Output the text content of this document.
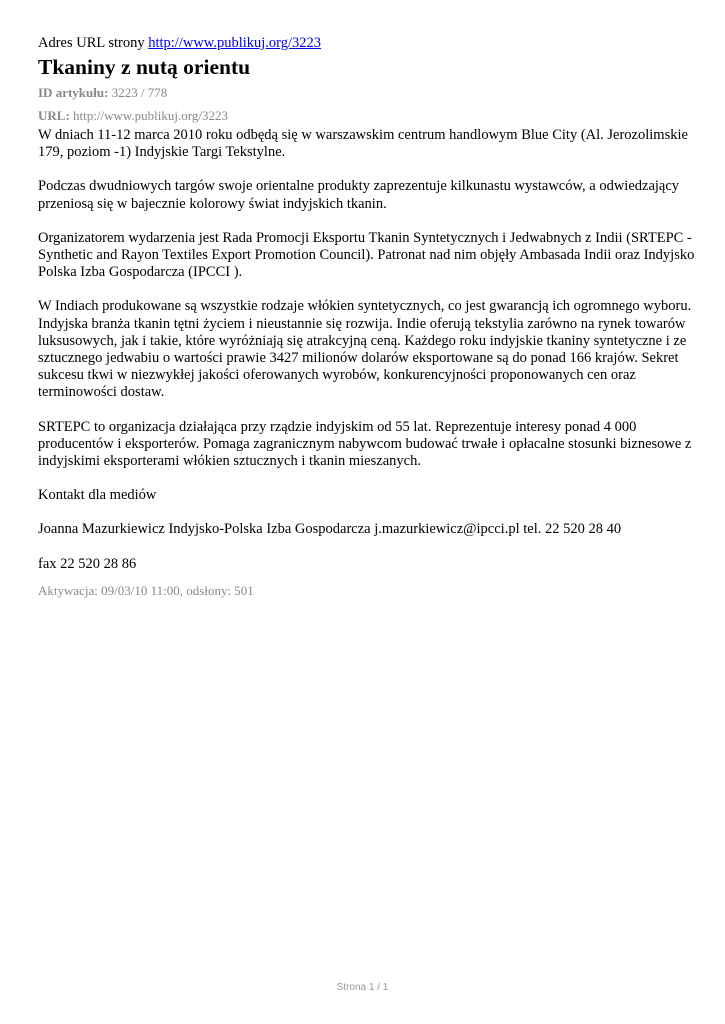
Adres URL strony http://www.publikuj.org/3223

Tkaniny z nutą orientu

ID artykułu: 3223 / 778

URL: http://www.publikuj.org/3223

W dniach 11-12 marca 2010 roku odbędą się w warszawskim centrum handlowym Blue City (Al. Jerozolimskie 179, poziom -1) Indyjskie Targi Tekstylne.

Podczas dwudniowych targów swoje orientalne produkty zaprezentuje kilkunastu wystawców, a odwiedzający przeniosą się w bajecznie kolorowy świat indyjskich tkanin.

Organizatorem wydarzenia jest Rada Promocji Eksportu Tkanin Syntetycznych i Jedwabnych z Indii (SRTEPC - Synthetic and Rayon Textiles Export Promotion Council). Patronat nad nim objęły Ambasada Indii oraz Indyjsko Polska Izba Gospodarcza (IPCCI ).

W Indiach produkowane są wszystkie rodzaje włókien syntetycznych, co jest gwarancją ich ogromnego wyboru. Indyjska branża tkanin tętni życiem i nieustannie się rozwija. Indie oferują tekstylia zarówno na rynek towarów luksusowych, jak i takie, które wyróżniają się atrakcyjną ceną. Każdego roku indyjskie tkaniny syntetyczne i ze sztucznego jedwabiu o wartości prawie 3427 milionów dolarów eksportowane są do ponad 166 krajów. Sekret sukcesu tkwi w niezwykłej jakości oferowanych wyrobów, konkurencyjności proponowanych cen oraz terminowości dostaw.

SRTEPC to organizacja działająca przy rządzie indyjskim od 55 lat. Reprezentuje interesy ponad 4 000 producentów i eksporterów. Pomaga zagranicznym nabywcom budować trwałe i opłacalne stosunki biznesowe z indyjskimi eksporterami włókien sztucznych i tkanin mieszanych.

Kontakt dla mediów

Joanna Mazurkiewicz Indyjsko-Polska Izba Gospodarcza j.mazurkiewicz@ipcci.pl tel. 22 520 28 40

fax 22 520 28 86

Aktywacja: 09/03/10 11:00, odsłony: 501
Strona 1 / 1
